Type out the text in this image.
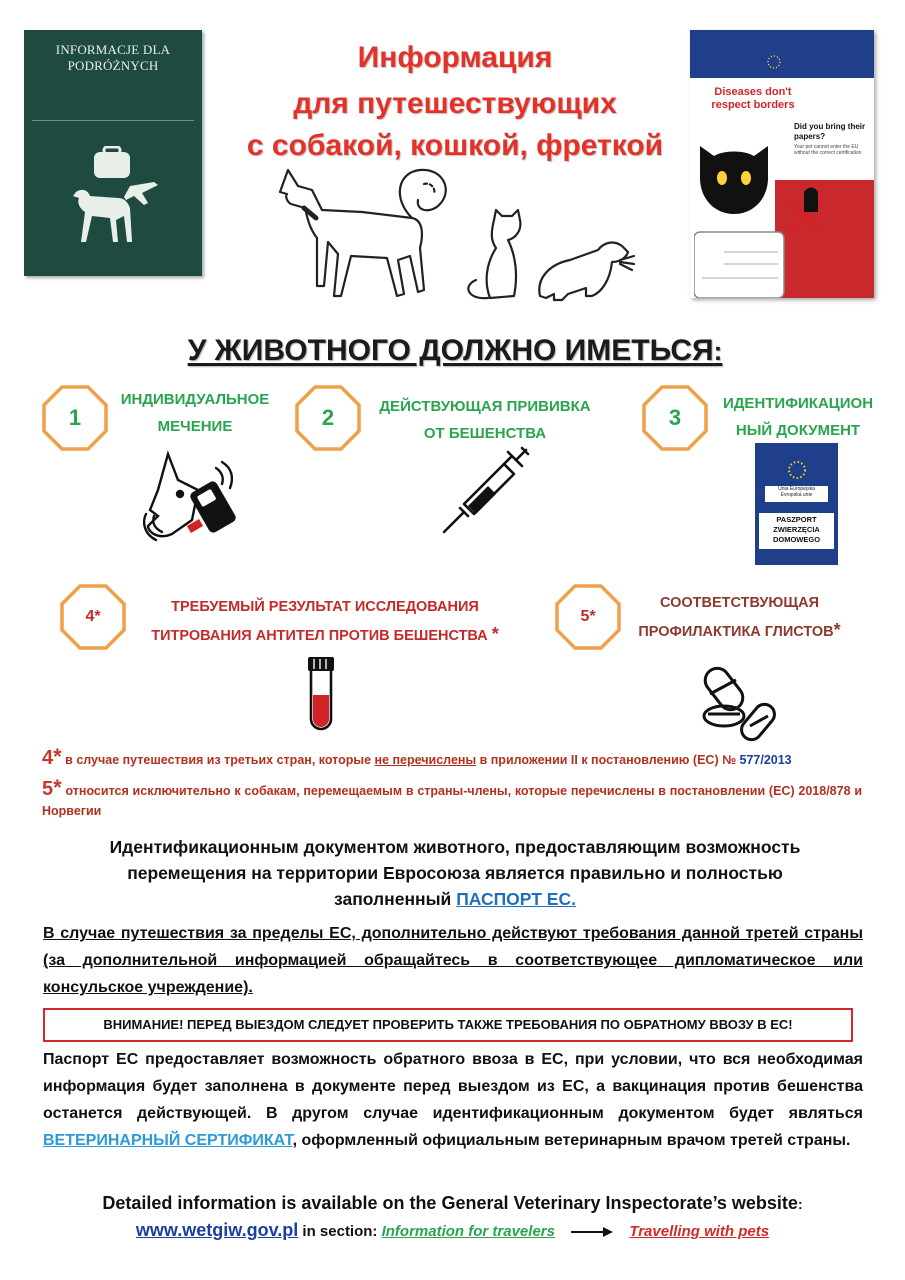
INFORMACJE DLA
PODRÓŻNYCH	Информация
для путешествующих
с собакой, кошкой, фреткой
Diseases don't respect borders
Did you bring their papers?
Your pet cannot enter the EU without the correct certification
У ЖИВОТНОГО ДОЛЖНО ИМЕТЬСЯ:
1
ИНДИВИДУАЛЬНОЕ
МЕЧЕНИЕ	2	ДЕЙСТВУЮЩАЯ ПРИВИВКА
ОТ БЕШЕНСТВА
3
ИДЕНТИФИКАЦИОН
НЫЙ ДОКУМЕНТ
Unia Europejska
Evropská unie
PASZPORT
ZWIERZĘCIA
DOMOWEGO
4*
ТРЕБУЕМЫЙ РЕЗУЛЬТАТ ИССЛЕДОВАНИЯ
ТИТРОВАНИЯ АНТИТЕЛ ПРОТИВ БЕШЕНСТВА *
5*
СООТВЕТСТВУЮЩАЯ
ПРОФИЛАКТИКА ГЛИСТОВ*
4* в случае путешествия из третьих стран, которые не перечислены в приложении II к постановлению (ЕС) № 577/2013
5* относится исключительно к собакам, перемещаемым в страны-члены, которые перечислены в постановлении (ЕС) 2018/878 и Норвегии
Идентификационным документом животного, предоставляющим возможность
перемещения на территории Евросоюза является правильно и полностью
заполненный ПАСПОРТ ЕС.
В случае путешествия за пределы ЕС, дополнительно действуют требования данной третей страны (за дополнительной информацией обращайтесь в соответствующее дипломатическое или консульское учреждение).
ВНИМАНИЕ! ПЕРЕД ВЫЕЗДОМ СЛЕДУЕТ ПРОВЕРИТЬ ТАКЖЕ ТРЕБОВАНИЯ ПО ОБРАТНОМУ ВВОЗУ В ЕС!
Паспорт ЕС предоставляет возможность обратного ввоза в ЕС, при условии, что вся необходимая информация будет заполнена в документе перед выездом из ЕС, а вакцинация против бешенства останется действующей. В другом случае идентификационным документом будет являться ВЕТЕРИНАРНЫЙ СЕРТИФИКАТ, оформленный официальным ветеринарным врачом третей страны.
Detailed information is available on the General Veterinary Inspectorate’s website:
www.wetgiw.gov.pl in section: Information for travelers	Travelling with pets
